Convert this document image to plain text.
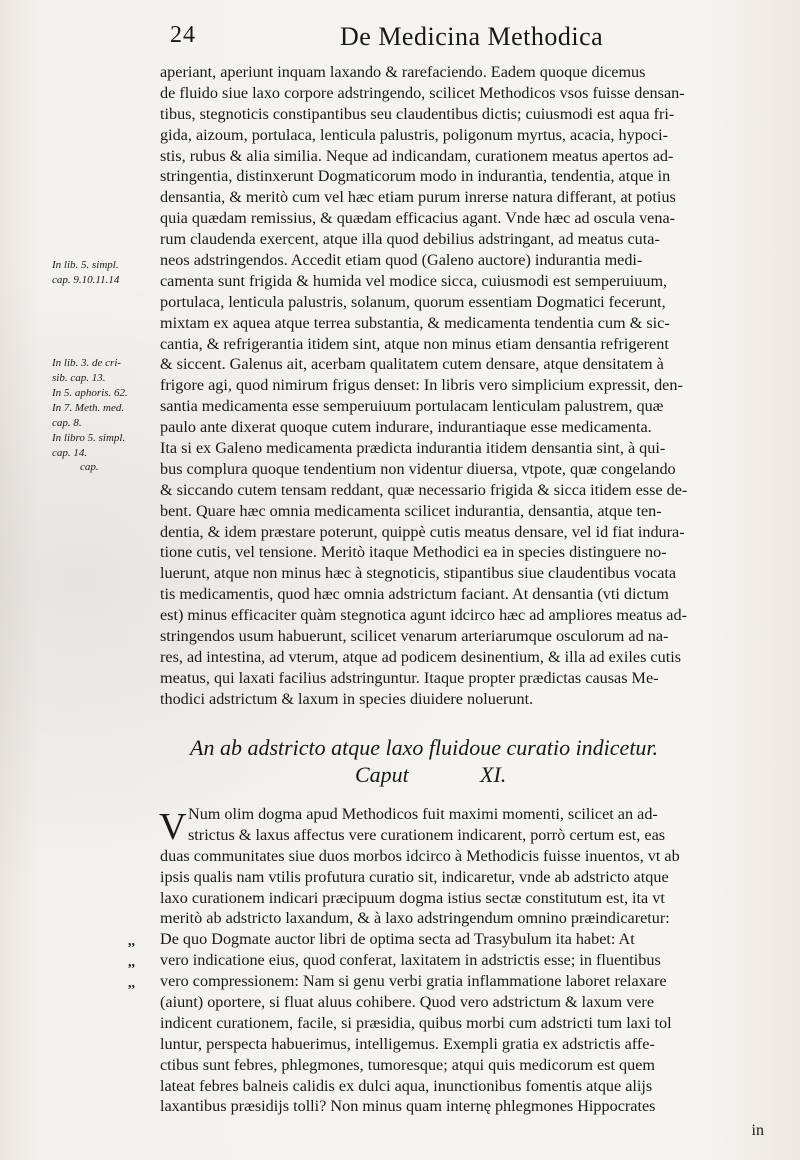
24	De Medicina Methodica
aperiant, aperiunt inquam laxando & rarefaciendo. Eadem quoque dicemus
de fluido siue laxo corpore adstringendo, scilicet Methodicos vsos fuisse densan-
tibus, stegnoticis constipantibus seu claudentibus dictis; cuiusmodi est aqua fri-
gida, aizoum, portulaca, lenticula palustris, poligonum myrtus, acacia, hypoci-
stis, rubus & alia similia. Neque ad indicandam, curationem meatus apertos ad-
stringentia, distinxerunt Dogmaticorum modo in indurantia, tendentia, atque in
densantia, & meritò cum vel hæc etiam purum inrerse natura differant, at potius
quia quædam remissius, & quædam efficacius agant. Vnde hæc ad oscula vena-
rum claudenda exercent, atque illa quod debilius adstringant, ad meatus cuta-
neos adstringendos. Accedit etiam quod (Galeno auctore) indurantia medi-
camenta sunt frigida & humida vel modice sicca, cuiusmodi est semperuiuum,
portulaca, lenticula palustris, solanum, quorum essentiam Dogmatici fecerunt,
mixtam ex aquea atque terrea substantia, & medicamenta tendentia cum & sic-
cantia, & refrigerantia itidem sint, atque non minus etiam densantia refrigerent
& siccent. Galenus ait, acerbam qualitatem cutem densare, atque densitatem à
frigore agi, quod nimirum frigus denset: In libris vero simplicium expressit, den-
santia medicamenta esse semperuiuum portulacam lenticulam palustrem, quæ
paulo ante dixerat quoque cutem indurare, indurantiaque esse medicamenta.
Ita si ex Galeno medicamenta prædicta indurantia itidem densantia sint, à qui-
bus complura quoque tendentium non videntur diuersa, vtpote, quæ congelando
& siccando cutem tensam reddant, quæ necessario frigida & sicca itidem esse de-
bent. Quare hæc omnia medicamenta scilicet indurantia, densantia, atque ten-
dentia, & idem præstare poterunt, quippè cutis meatus densare, vel id fiat indura-
tione cutis, vel tensione. Meritò itaque Methodici ea in species distinguere no-
luerunt, atque non minus hæc à stegnoticis, stipantibus siue claudentibus vocata
tis medicamentis, quod hæc omnia adstrictum faciant. At densantia (vti dictum
est) minus efficaciter quàm stegnotica agunt idcirco hæc ad ampliores meatus ad-
stringendos usum habuerunt, scilicet venarum arteriarumque osculorum ad na-
res, ad intestina, ad vterum, atque ad podicem desinentium, & illa ad exiles cutis
meatus, qui laxati facilius adstringuntur. Itaque propter prædictas causas Me-
thodici adstrictum & laxum in species diuidere noluerunt.
In lib. 5. simpl.
cap. 9.10.11.14
In lib. 3. de cri-
sib. cap. 13.
In 5. aphoris. 62.
In 7. Meth. med.
cap. 8.
In libro 5. simpl.
cap. 14.
cap.
An ab adstricto atque laxo fluidoue curatio indicetur.
Caput	XI.
V Num olim dogma apud Methodicos fuit maximi momenti, scilicet an ad-
strictus & laxus affectus vere curationem indicarent, porrò certum est, eas
duas communitates siue duos morbos idcirco à Methodicis fuisse inuentos, vt ab
ipsis qualis nam vtilis profutura curatio sit, indicaretur, vnde ab adstricto atque
laxo curationem indicari præcipuum dogma istius sectæ constitutum est, ita vt
meritò ab adstricto laxandum, & à laxo adstringendum omnino præindicaretur:
De quo Dogmate auctor libri de optima secta ad Trasybulum ita habet: At
vero indicatione eius, quod conferat, laxitatem in adstrictis esse; in fluentibus
vero compressionem: Nam si genu verbi gratia inflammatione laboret relaxare
(aiunt) oportere, si fluat aluus cohibere. Quod vero adstrictum & laxum vere
indicent curationem, facile, si præsidia, quibus morbi cum adstricti tum laxi tol
luntur, perspecta habuerimus, intelligemus. Exempli gratia ex adstrictis affe-
ctibus sunt febres, phlegmones, tumoresque; atqui quis medicorum est quem
lateat febres balneis calidis ex dulci aqua, inunctionibus fomentis atque alijs
laxantibus præsidijs tolli? Non minus quam internę phlegmones Hippocrates
,,
,,
,,
in
